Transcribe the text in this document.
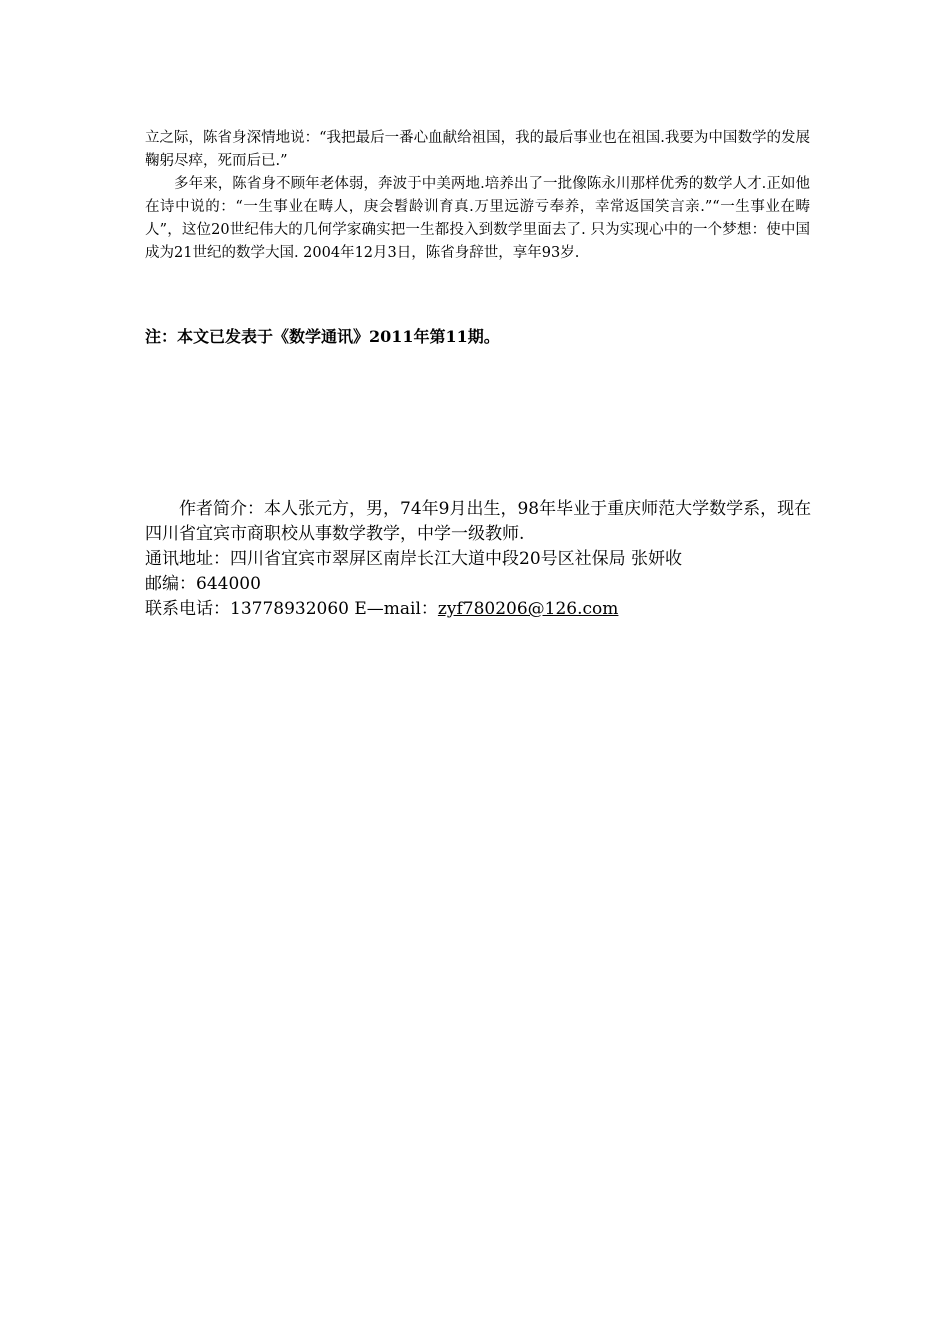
立之际，陈省身深情地说：“我把最后一番心血献给祖国，我的最后事业也在祖国.我要为中国数学的发展鞠躬尽瘁，死而后已.”

多年来，陈省身不顾年老体弱，奔波于中美两地.培养出了一批像陈永川那样优秀的数学人才.正如他在诗中说的：“一生事业在畴人，庚会髫龄训育真.万里远游亏奉养，幸常返国笑言亲.”“一生事业在畴人”，这位20世纪伟大的几何学家确实把一生都投入到数学里面去了. 只为实现心中的一个梦想：使中国成为21世纪的数学大国. 2004年12月3日，陈省身辞世，享年93岁.

注：本文已发表于《数学通讯》2011年第11期。

作者简介：本人张元方，男，74年9月出生，98年毕业于重庆师范大学数学系，现在四川省宜宾市商职校从事数学教学，中学一级教师.

通讯地址：四川省宜宾市翠屏区南岸长江大道中段20号区社保局 张妍收

邮编：644000

联系电话：13778932060 E—mail：zyf780206@126.com
